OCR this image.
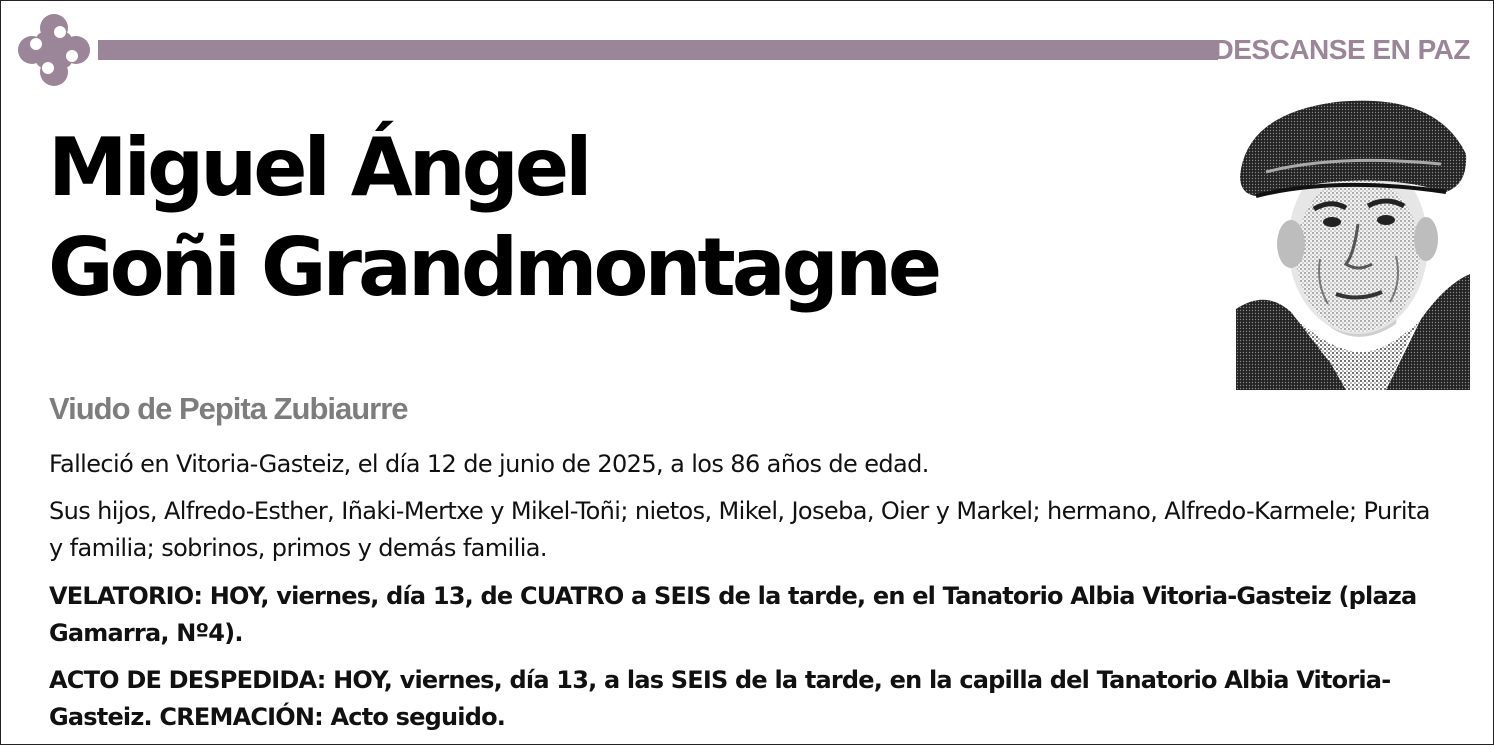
DESCANSE EN PAZ
Miguel Ángel
Goñi Grandmontagne
Viudo de Pepita Zubiaurre
Falleció en Vitoria-Gasteiz, el día 12 de junio de 2025, a los 86 años de edad.
Sus hijos, Alfredo-Esther, Iñaki-Mertxe y Mikel-Toñi; nietos, Mikel, Joseba, Oier y Markel; hermano, Alfredo-Karmele; Purita y familia; sobrinos, primos y demás familia.
VELATORIO: HOY, viernes, día 13, de CUATRO a SEIS de la tarde, en el Tanatorio Albia Vitoria-Gasteiz (plaza Gamarra, Nº4).
ACTO DE DESPEDIDA: HOY, viernes, día 13, a las SEIS de la tarde, en la capilla del Tanatorio Albia Vitoria-Gasteiz. CREMACIÓN: Acto seguido.
